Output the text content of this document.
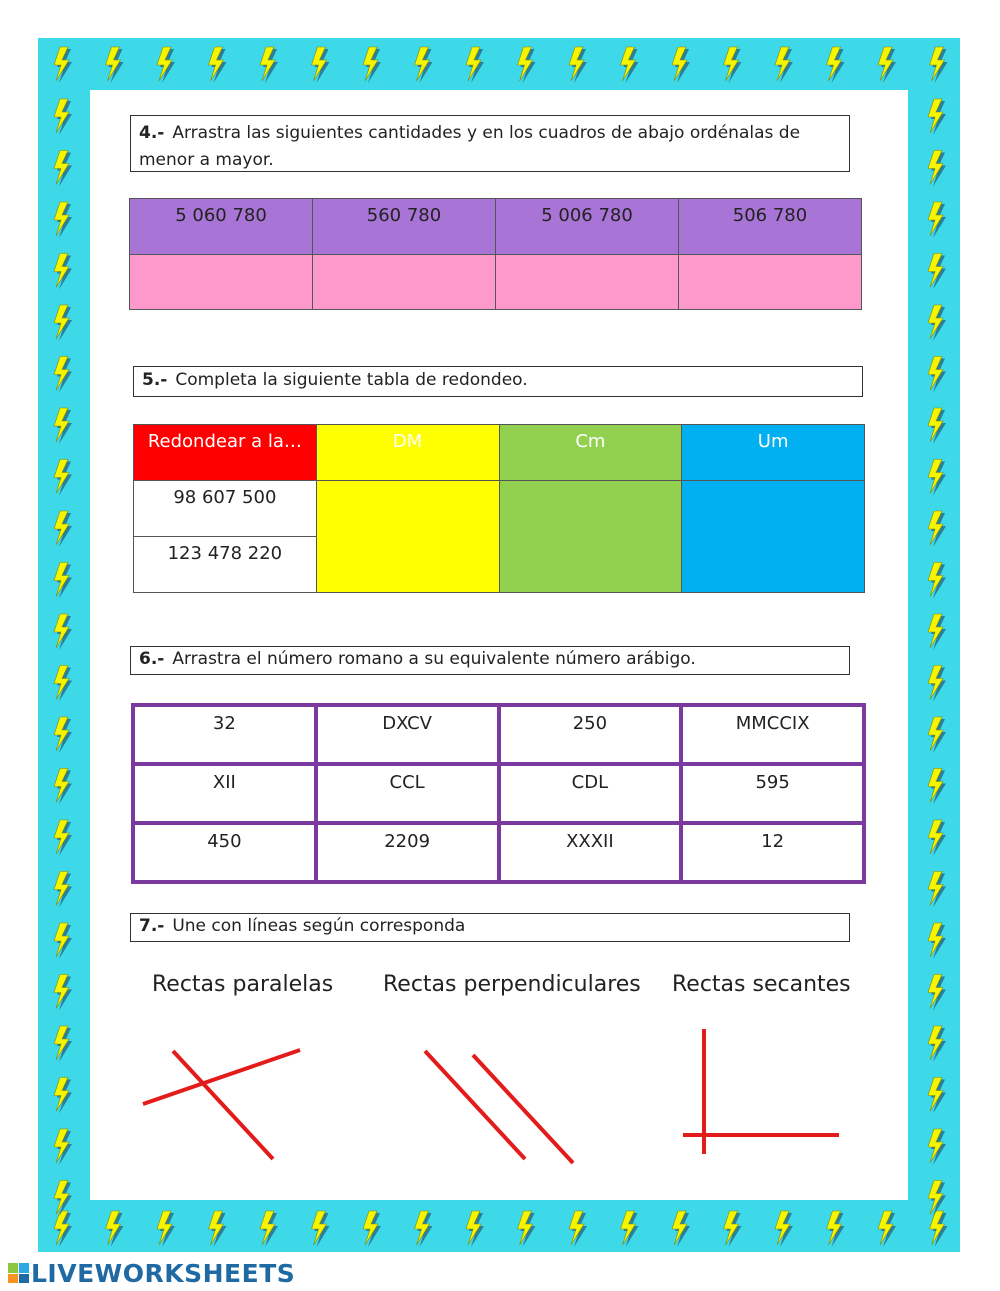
4.- Arrastra las siguientes cantidades y en los cuadros de abajo ordénalas de menor a mayor.
5 060 780	560 780	5 006 780	506 780

5.- Completa la siguiente tabla de redondeo.
Redondear a la…	DM	Cm	Um
98 607 500			
123 478 220			
6.- Arrastra el número romano a su equivalente número arábigo.
32	DXCV	250	MMCCIX
XII	CCL	CDL	595
450	2209	XXXII	12
7.- Une con líneas según corresponda
Rectas paralelas Rectas perpendiculares Rectas secantes
LIVEWORKSHEETS
